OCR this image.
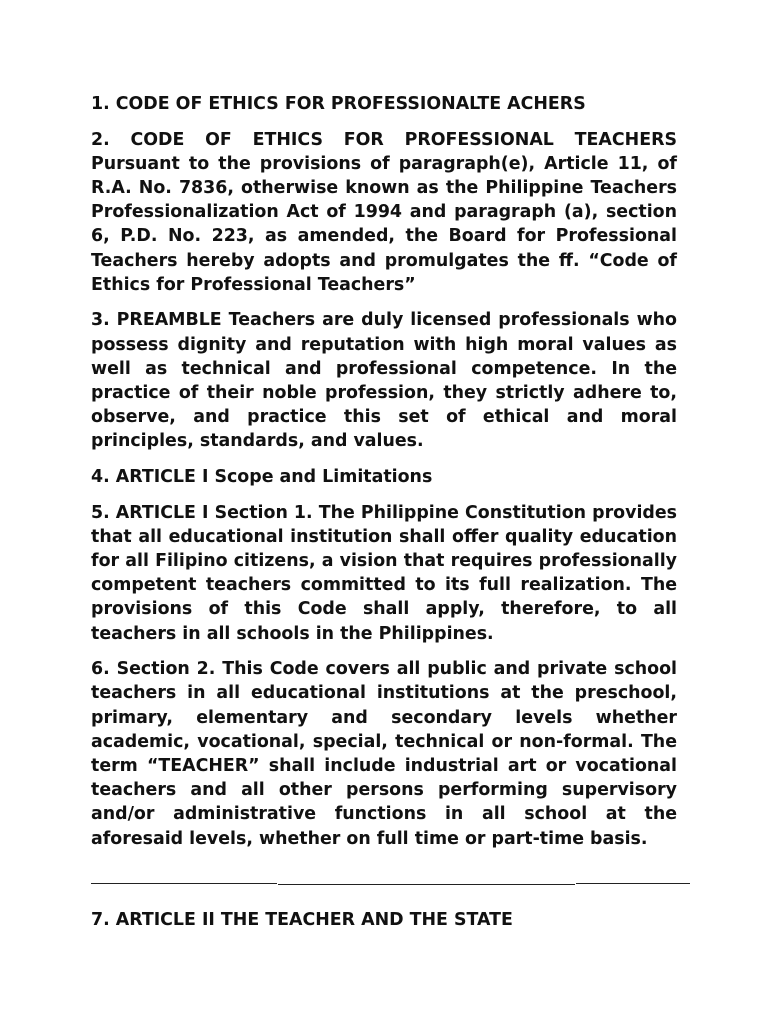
1. CODE OF ETHICS FOR PROFESSIONALTE ACHERS

2. CODE OF ETHICS FOR PROFESSIONAL TEACHERS Pursuant to the provisions of paragraph(e), Article 11, of R.A. No. 7836, otherwise known as the Philippine Teachers Professionalization Act of 1994 and paragraph (a), section 6, P.D. No. 223, as amended, the Board for Professional Teachers hereby adopts and promulgates the ff. “Code of Ethics for Professional Teachers”

3. PREAMBLE Teachers are duly licensed professionals who possess dignity and reputation with high moral values as well as technical and professional competence. In the practice of their noble profession, they strictly adhere to, observe, and practice this set of ethical and moral principles, standards, and values.

4. ARTICLE I Scope and Limitations

5. ARTICLE I Section 1. The Philippine Constitution provides that all educational institution shall offer quality education for all Filipino citizens, a vision that requires professionally competent teachers committed to its full realization. The provisions of this Code shall apply, therefore, to all teachers in all schools in the Philippines.

6. Section 2. This Code covers all public and private school teachers in all educational institutions at the preschool, primary, elementary and secondary levels whether academic, vocational, special, technical or non-formal. The term “TEACHER” shall include industrial art or vocational teachers and all other persons performing supervisory and/or administrative functions in all school at the aforesaid levels, whether on full time or part-time basis.

7. ARTICLE II THE TEACHER AND THE STATE
